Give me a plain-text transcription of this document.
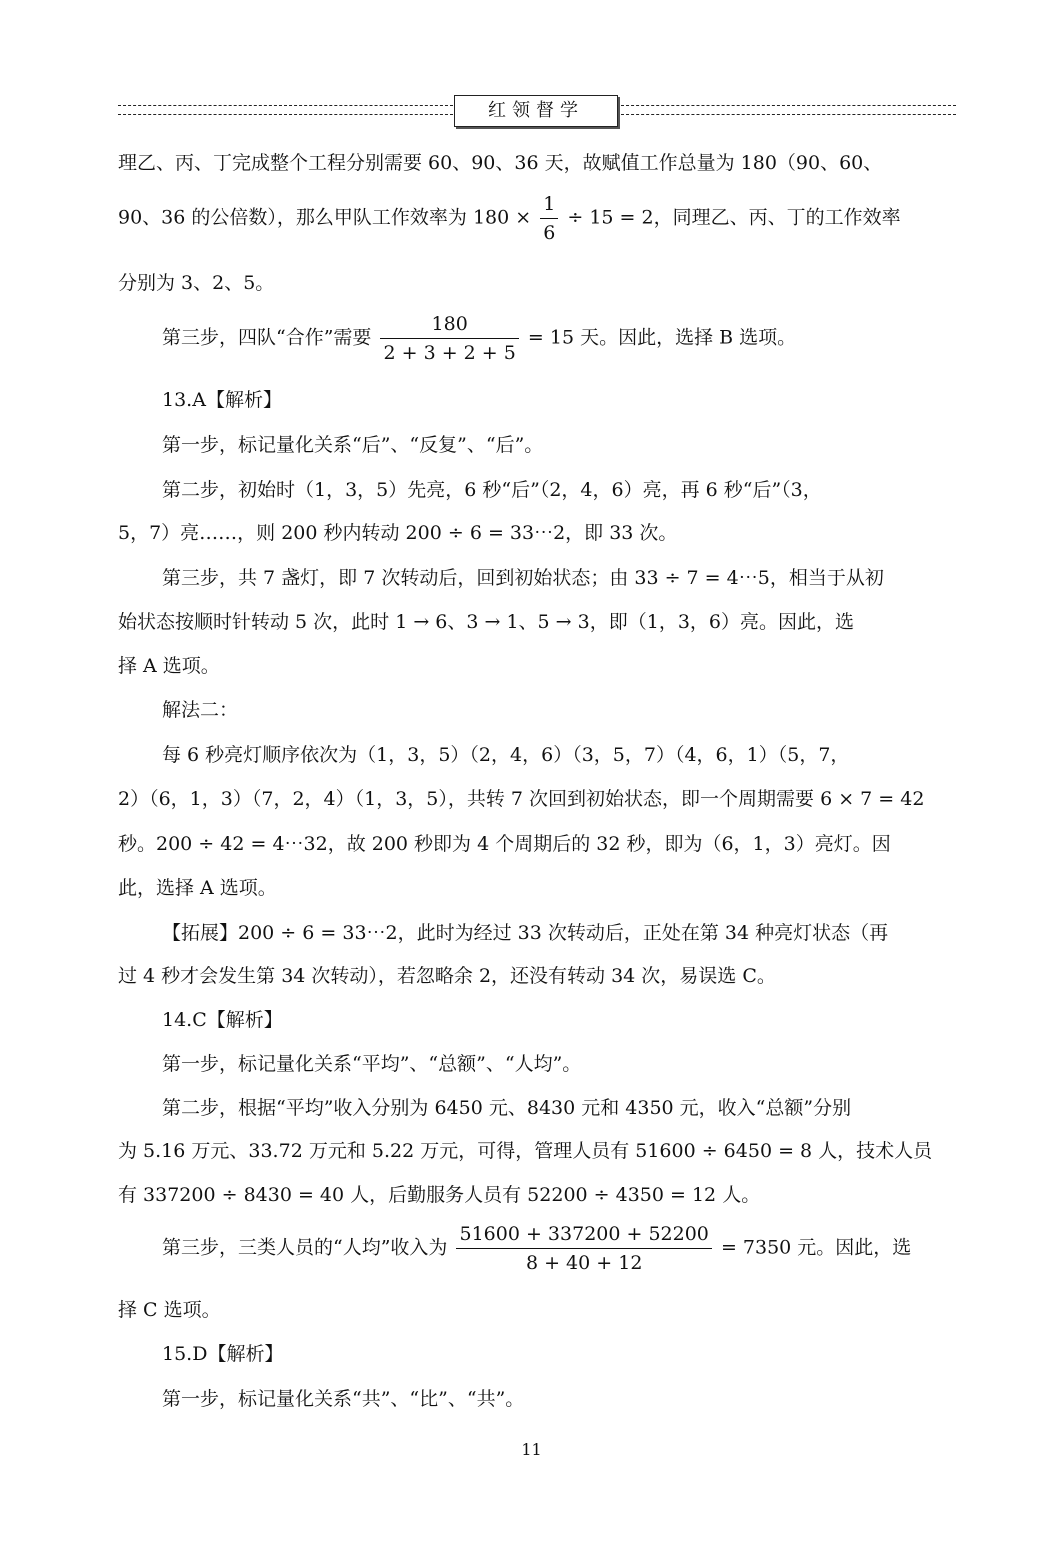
红领督学
理乙、丙、丁完成整个工程分别需要 60、90、36 天，故赋值工作总量为 180（90、60、
90、36 的公倍数），那么甲队工作效率为 $180 \times \frac{1}{6} \div 15 = 2$，同理乙、丙、丁的工作效率
分别为 3、2、5。
第三步，四队“合作”需要 $\frac{180}{2 + 3 + 2 + 5} = 15$ 天。因此，选择 B 选项。
13.A【解析】
第一步，标记量化关系“后”、“反复”、“后”。
第二步，初始时（1，3，5）先亮，6 秒“后”（2，4，6）亮，再 6 秒“后”（3，
5，7）亮……，则 200 秒内转动 200 ÷ 6 = 33⋯2，即 33 次。
第三步，共 7 盏灯，即 7 次转动后，回到初始状态；由 33 ÷ 7 = 4⋯5，相当于从初
始状态按顺时针转动 5 次，此时 1 → 6、3 → 1、5 → 3，即（1，3，6）亮。因此，选
择 A 选项。
解法二：
每 6 秒亮灯顺序依次为（1，3，5）（2，4，6）（3，5，7）（4，6，1）（5，7，
2）（6，1，3）（7，2，4）（1，3，5），共转 7 次回到初始状态，即一个周期需要 6 × 7 = 42
秒。200 ÷ 42 = 4⋯32，故 200 秒即为 4 个周期后的 32 秒，即为（6，1，3）亮灯。因
此，选择 A 选项。
【拓展】200 ÷ 6 = 33⋯2，此时为经过 33 次转动后，正处在第 34 种亮灯状态（再
过 4 秒才会发生第 34 次转动），若忽略余 2，还没有转动 34 次，易误选 C。
14.C【解析】
第一步，标记量化关系“平均”、“总额”、“人均”。
第二步，根据“平均”收入分别为 6450 元、8430 元和 4350 元，收入“总额”分别
为 5.16 万元、33.72 万元和 5.22 万元，可得，管理人员有 51600 ÷ 6450 = 8 人，技术人员
有 337200 ÷ 8430 = 40 人，后勤服务人员有 52200 ÷ 4350 = 12 人。
第三步，三类人员的“人均”收入为 $\frac{51600 + 337200 + 52200}{8 + 40 + 12} = 7350$ 元。因此，选
择 C 选项。
15.D【解析】
第一步，标记量化关系“共”、“比”、“共”。
11
